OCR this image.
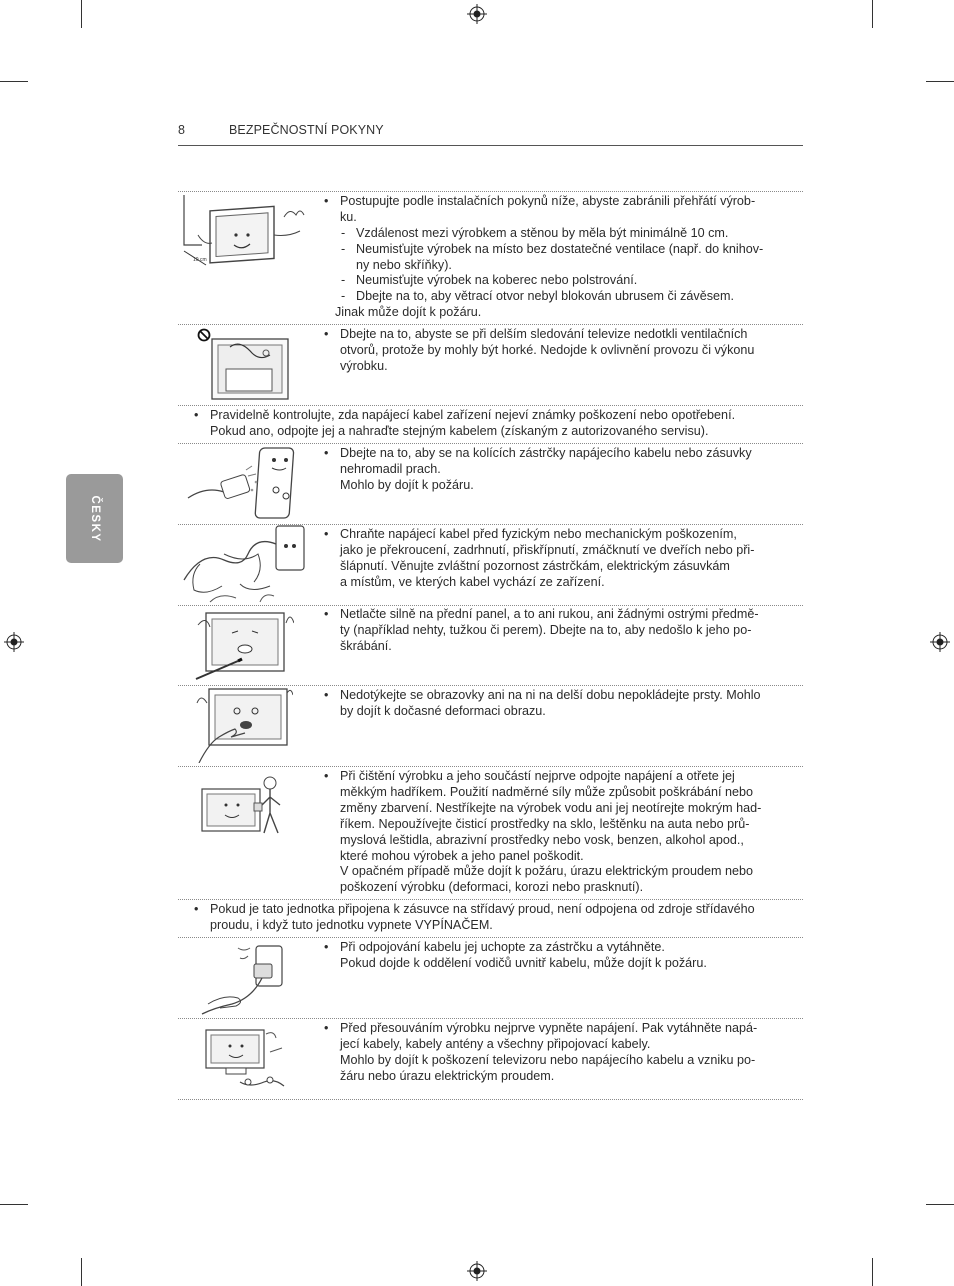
8	BEZPEČNOSTNÍ POKYNY
ČESKY
10 cm
• Postupujte podle instalačních pokynů níže, abyste zabránili přehřátí výrob-
ku.
- Vzdálenost mezi výrobkem a stěnou by měla být minimálně 10 cm.
- Neumisťujte výrobek na místo bez dostatečné ventilace (např. do knihov-
ny nebo skříňky).
- Neumisťujte výrobek na koberec nebo polstrování.
- Dbejte na to, aby větrací otvor nebyl blokován ubrusem či závěsem.
Jinak může dojít k požáru.
• Dbejte na to, abyste se při delším sledování televize nedotkli ventilačních
otvorů, protože by mohly být horké. Nedojde k ovlivnění provozu či výkonu
výrobku.
• Pravidelně kontrolujte, zda napájecí kabel zařízení nejeví známky poškození nebo opotřebení.
Pokud ano, odpojte jej a nahraďte stejným kabelem (získaným z autorizovaného servisu).
• Dbejte na to, aby se na kolících zástrčky napájecího kabelu nebo zásuvky
nehromadil prach.
Mohlo by dojít k požáru.
• Chraňte napájecí kabel před fyzickým nebo mechanickým poškozením,
jako je překroucení, zadrhnutí, přiskřípnutí, zmáčknutí ve dveřích nebo při-
šlápnutí. Věnujte zvláštní pozornost zástrčkám, elektrickým zásuvkám
a místům, ve kterých kabel vychází ze zařízení.
• Netlačte silně na přední panel, a to ani rukou, ani žádnými ostrými předmě-
ty (například nehty, tužkou či perem). Dbejte na to, aby nedošlo k jeho po-
škrábání.
• Nedotýkejte se obrazovky ani na ni na delší dobu nepokládejte prsty. Mohlo
by dojít k dočasné deformaci obrazu.
• Při čištění výrobku a jeho součástí nejprve odpojte napájení a otřete jej
měkkým hadříkem. Použití nadměrné síly může způsobit poškrábání nebo
změny zbarvení. Nestříkejte na výrobek vodu ani jej neotírejte mokrým had-
říkem. Nepoužívejte čisticí prostředky na sklo, leštěnku na auta nebo prů-
myslová leštidla, abrazivní prostředky nebo vosk, benzen, alkohol apod.,
které mohou výrobek a jeho panel poškodit.
V opačném případě může dojít k požáru, úrazu elektrickým proudem nebo
poškození výrobku (deformaci, korozi nebo prasknutí).
• Pokud je tato jednotka připojena k zásuvce na střídavý proud, není odpojena od zdroje střídavého
proudu, i když tuto jednotku vypnete VYPÍNAČEM.
• Při odpojování kabelu jej uchopte za zástrčku a vytáhněte.
Pokud dojde k oddělení vodičů uvnitř kabelu, může dojít k požáru.
• Před přesouváním výrobku nejprve vypněte napájení. Pak vytáhněte napá-
jecí kabely, kabely antény a všechny připojovací kabely.
Mohlo by dojít k poškození televizoru nebo napájecího kabelu a vzniku po-
žáru nebo úrazu elektrickým proudem.
